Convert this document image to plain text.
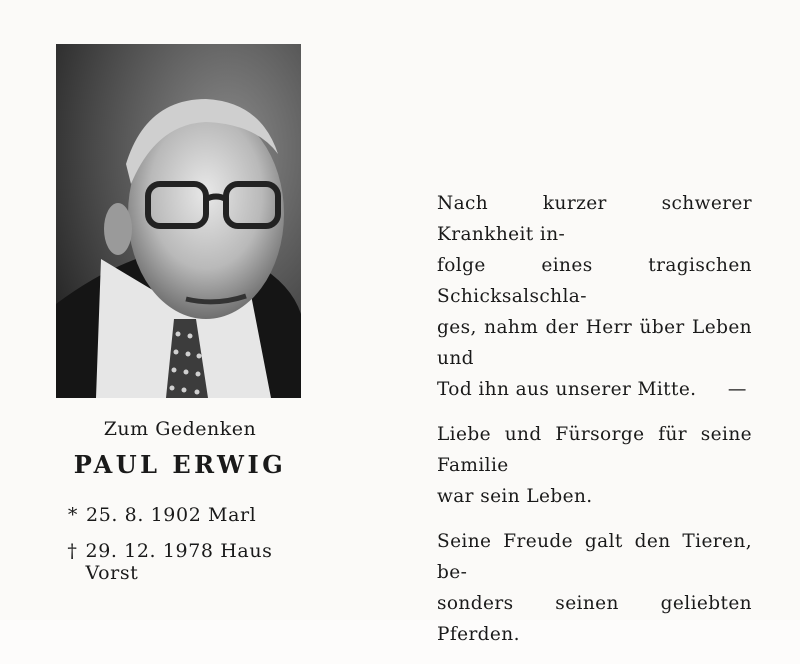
Zum Gedenken
PAUL ERWIG
* 25. 8. 1902 Marl
† 29. 12. 1978 Haus Vorst
Nach kurzer schwerer Krankheit in-
folge eines tragischen Schicksalschla-
ges, nahm der Herr über Leben und
Tod ihn aus unserer Mitte.     —
Liebe und Fürsorge für seine Familie
war sein Leben.
Seine Freude galt den Tieren, be-
sonders seinen geliebten Pferden.
